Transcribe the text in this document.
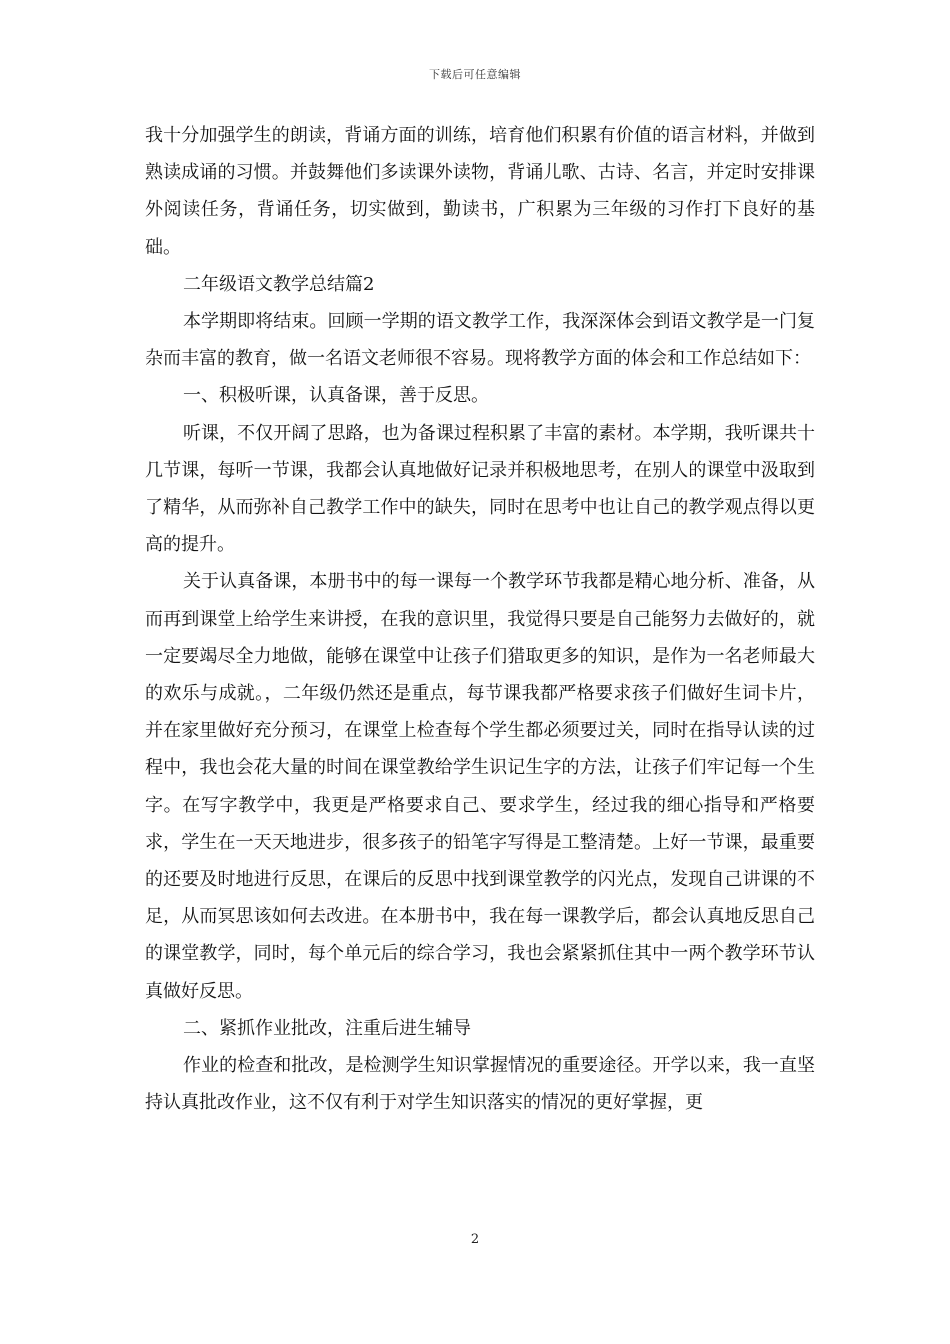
下载后可任意编辑

我十分加强学生的朗读，背诵方面的训练，培育他们积累有价值的语言材料，并做到熟读成诵的习惯。并鼓舞他们多读课外读物，背诵儿歌、古诗、名言，并定时安排课外阅读任务，背诵任务，切实做到，勤读书，广积累为三年级的习作打下良好的基础。

二年级语文教学总结篇2

本学期即将结束。回顾一学期的语文教学工作，我深深体会到语文教学是一门复杂而丰富的教育，做一名语文老师很不容易。现将教学方面的体会和工作总结如下：

一、积极听课，认真备课，善于反思。

听课，不仅开阔了思路，也为备课过程积累了丰富的素材。本学期，我听课共十几节课，每听一节课，我都会认真地做好记录并积极地思考，在别人的课堂中汲取到了精华，从而弥补自己教学工作中的缺失，同时在思考中也让自己的教学观点得以更高的提升。

关于认真备课，本册书中的每一课每一个教学环节我都是精心地分析、准备，从而再到课堂上给学生来讲授，在我的意识里，我觉得只要是自己能努力去做好的，就一定要竭尽全力地做，能够在课堂中让孩子们猎取更多的知识，是作为一名老师最大的欢乐与成就。，二年级仍然还是重点，每节课我都严格要求孩子们做好生词卡片，并在家里做好充分预习，在课堂上检查每个学生都必须要过关，同时在指导认读的过程中，我也会花大量的时间在课堂教给学生识记生字的方法，让孩子们牢记每一个生字。在写字教学中，我更是严格要求自己、要求学生，经过我的细心指导和严格要求，学生在一天天地进步，很多孩子的铅笔字写得是工整清楚。上好一节课，最重要的还要及时地进行反思，在课后的反思中找到课堂教学的闪光点，发现自己讲课的不足，从而冥思该如何去改进。在本册书中，我在每一课教学后，都会认真地反思自己的课堂教学，同时，每个单元后的综合学习，我也会紧紧抓住其中一两个教学环节认真做好反思。

二、紧抓作业批改，注重后进生辅导

作业的检查和批改，是检测学生知识掌握情况的重要途径。开学以来，我一直坚持认真批改作业，这不仅有利于对学生知识落实的情况的更好掌握，更

2
